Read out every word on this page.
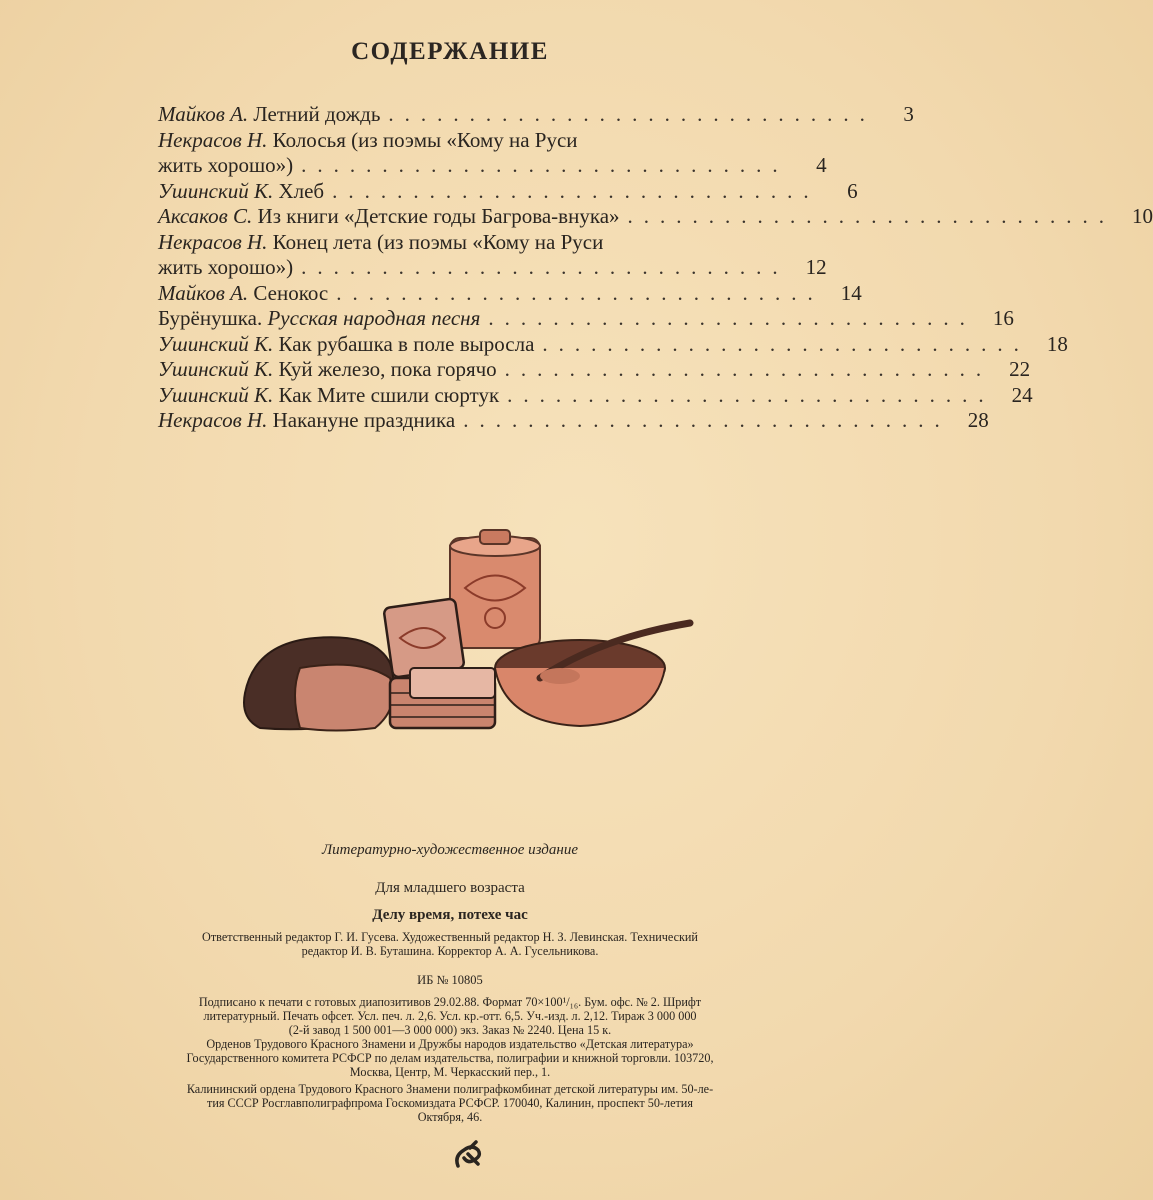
СОДЕРЖАНИЕ
Майков А. Летний дождь ..............................	3
Некрасов Н. Колосья (из поэмы «Кому на Руси
жить хорошо») ..............................	4
Ушинский К. Хлеб ..............................	6
Аксаков С. Из книги «Детские годы Багрова-внука» .............................. 10
Некрасов Н. Конец лета (из поэмы «Кому на Руси
жить хорошо») .............................. 12
Майков А. Сенокос .............................. 14
Бурёнушка. Русская народная песня .............................. 16
Ушинский К. Как рубашка в поле выросла .............................. 18
Ушинский К. Куй железо, пока горячо .............................. 22
Ушинский К. Как Мите сшили сюртук .............................. 24
Некрасов Н. Накануне праздника .............................. 28
Литературно-художественное издание
Для младшего возраста
Делу время, потехе час
Ответственный редактор Г. И. Гусева. Художественный редактор Н. З. Левинская. Технический
редактор И. В. Буташина. Корректор А. А. Гусельникова.
ИБ № 10805
Подписано к печати с готовых диапозитивов 29.02.88. Формат 70×100¹/₁₆. Бум. офс. № 2. Шрифт
литературный. Печать офсет. Усл. печ. л. 2,6. Усл. кр.-отт. 6,5. Уч.-изд. л. 2,12. Тираж 3 000 000
(2-й завод 1 500 001—3 000 000) экз. Заказ № 2240. Цена 15 к.
Орденов Трудового Красного Знамени и Дружбы народов издательство «Детская литература»
Государственного комитета РСФСР по делам издательства, полиграфии и книжной торговли. 103720,
Москва, Центр, М. Черкасский пер., 1.
Калининский ордена Трудового Красного Знамени полиграфкомбинат детской литературы им. 50-ле-
тия СССР Росглавполиграфпрома Госкомиздата РСФСР. 170040, Калинин, проспект 50-летия
Октября, 46.
